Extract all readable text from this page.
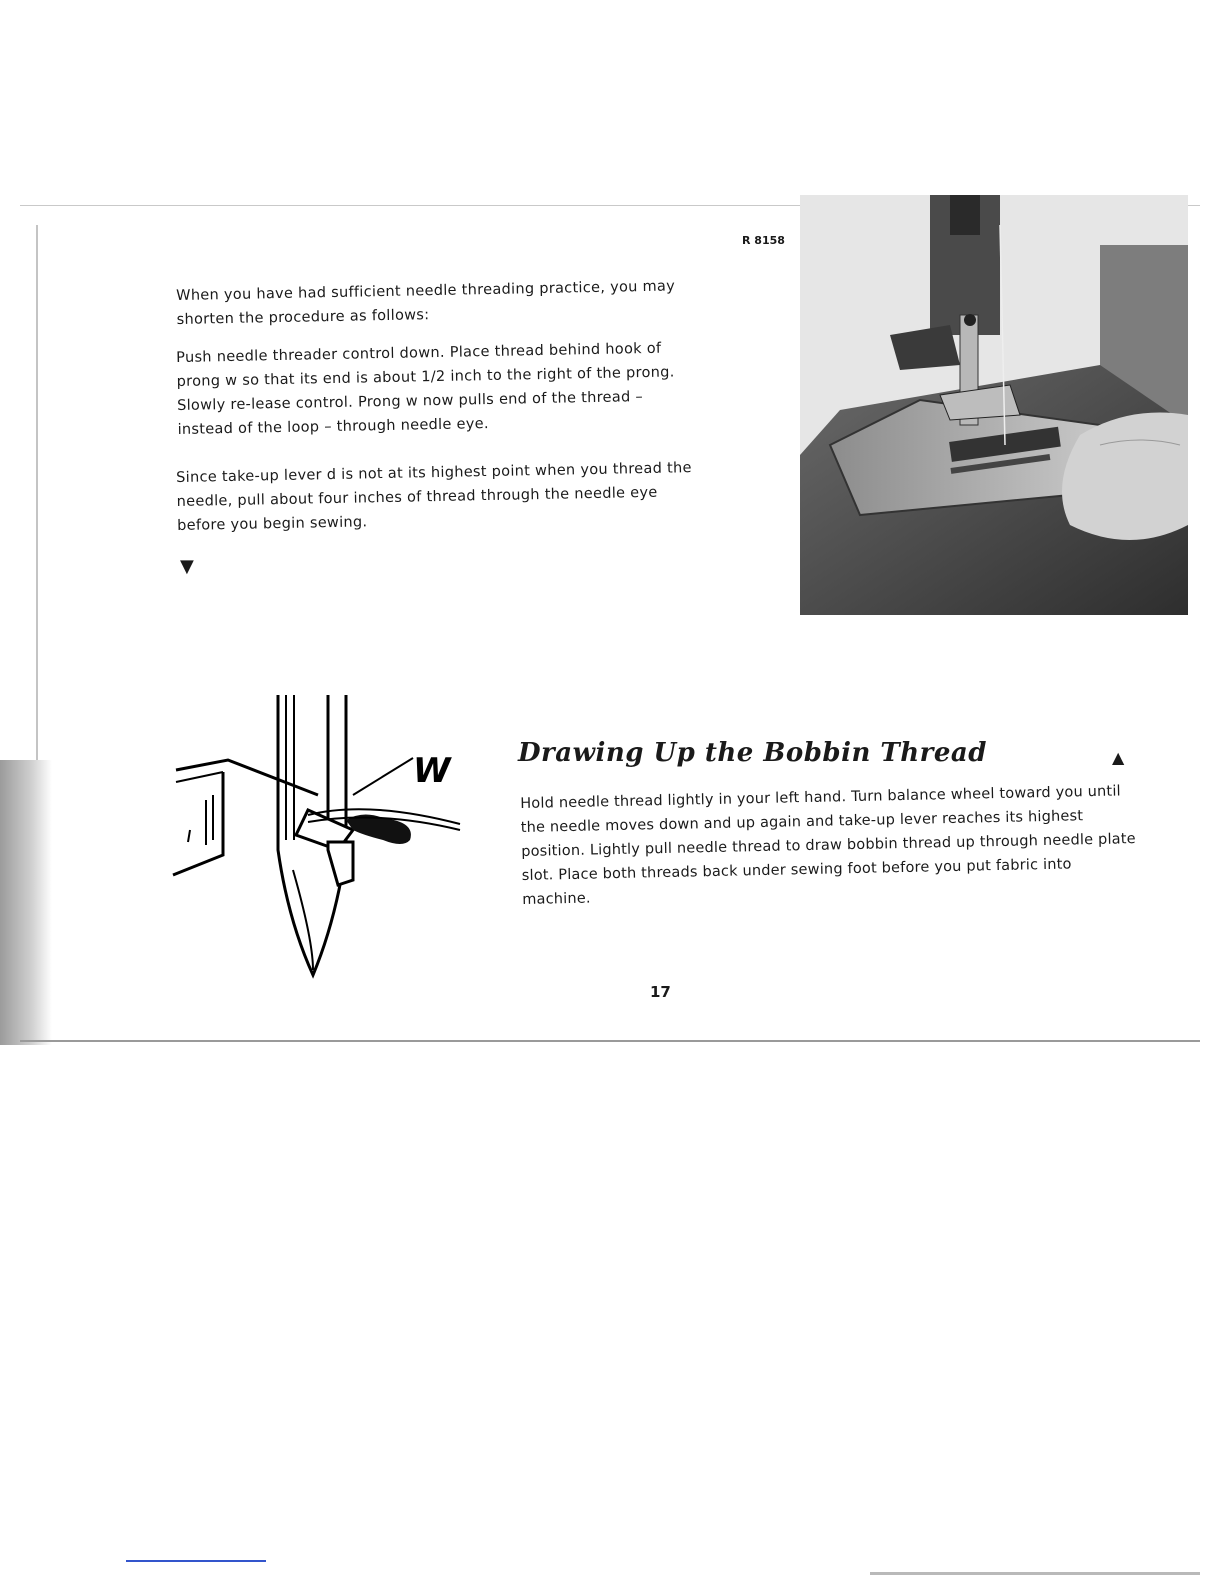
R 8158

When you have had sufficient needle threading practice, you may shorten the procedure as follows:

Push needle threader control down. Place thread behind hook of prong w so that its end is about 1/2 inch to the right of the prong. Slowly re-lease control. Prong w now pulls end of the thread – instead of the loop – through needle eye.

Since take-up lever d is not at its highest point when you thread the needle, pull about four inches of thread through the needle eye before you begin sewing.

▼
W	Drawing Up the Bobbin Thread	▲

Hold needle thread lightly in your left hand. Turn balance wheel toward you until the needle moves down and up again and take-up lever reaches its highest position. Lightly pull needle thread to draw bobbin thread up through needle plate slot. Place both threads back under sewing foot before you put fabric into machine.

17
